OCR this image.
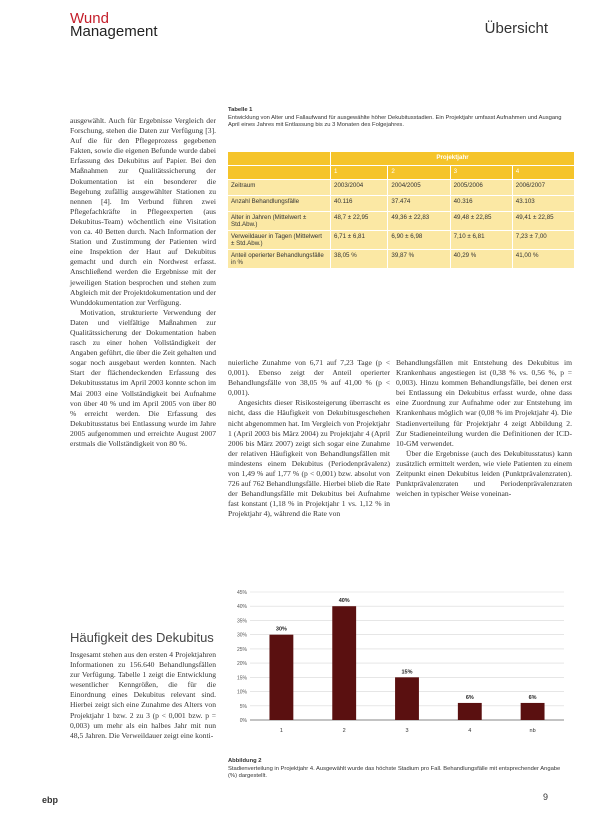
Wund
Management	Übersicht

ausgewählt. Auch für Ergebnisse Vergleich der Forschung, stehen die Daten zur Verfügung [3]. Auf die für den Pflegeprozess gegebenen Fakten, sowie die eigenen Befunde wurde dabei Erfassung des Dekubitus auf Papier. Bei den Maßnahmen zur Qualitätssicherung der Dokumentation ist ein besonderer die Begehung zufällig ausgewählter Stationen zu nennen [4]. Im Verbund führen zwei Pflegefachkräfte in Pflegeexperten (aus Dekubitus-Team) wöchentlich eine Visitation von ca. 40 Betten durch. Nach Information der Station und Zustimmung der Patienten wird eine Inspektion der Haut auf Dekubitus gemacht und durch ein Nordwest erfasst. Anschließend werden die Ergebnisse mit der jeweiligen Station besprochen und stehen zum Abgleich mit der Projektdokumentation und der Wunddokumentation zur Verfügung.

Motivation, strukturierte Verwendung der Daten und vielfältige Maßnahmen zur Qualitätssicherung der Dokumentation haben rasch zu einer hohen Vollständigkeit der Angaben geführt, die über die Zeit gehalten und sogar noch ausgebaut werden konnten. Nach Start der flächendeckenden Erfassung des Dekubitusstatus im April 2003 konnte schon im Mai 2003 eine Vollständigkeit bei Aufnahme von über 40 % und im April 2005 von über 80 % erreicht werden. Die Erfassung des Dekubitusstatus bei Entlassung wurde im Jahre 2005 aufgenommen und erreichte August 2007 erstmals die Vollständigkeit von 80 %.

Häufigkeit des Dekubitus

Insgesamt stehen aus den ersten 4 Projektjahren Informationen zu 156.640 Behandlungsfällen zur Verfügung. Tabelle 1 zeigt die Entwicklung wesentlicher Kenngrößen, die für die Einordnung eines Dekubitus relevant sind. Hierbei zeigt sich eine Zunahme des Alters von Projektjahr 1 bzw. 2 zu 3 (p < 0,001 bzw. p = 0,003) um mehr als ein halbes Jahr mit nun 48,5 Jahren. Die Verweildauer zeigt eine konti-

nuierliche Zunahme von 6,71 auf 7,23 Tage (p < 0,001). Ebenso zeigt der Anteil operierter Behandlungsfälle von 38,05 % auf 41,00 % (p < 0,001).

Angesichts dieser Risikosteigerung überrascht es nicht, dass die Häufigkeit von Dekubitusgeschehen nicht abgenommen hat. Im Vergleich von Projektjahr 1 (April 2003 bis März 2004) zu Projektjahr 4 (April 2006 bis März 2007) zeigt sich sogar eine Zunahme der relativen Häufigkeit von Behandlungsfällen mit mindestens einem Dekubitus (Periodenprävalenz) von 1,49 % auf 1,77 % (p < 0,001) bzw. absolut von 726 auf 762 Behandlungsfälle. Hierbei blieb die Rate der Behandlungsfälle mit Dekubitus bei Aufnahme fast konstant (1,18 % in Projektjahr 1 vs. 1,12 % in Projektjahr 4), während die Rate von

Behandlungsfällen mit Entstehung des Dekubitus im Krankenhaus angestiegen ist (0,38 % vs. 0,56 %, p = 0,003). Hinzu kommen Behandlungsfälle, bei denen erst bei Entlassung ein Dekubitus erfasst wurde, ohne dass eine Zuordnung zur Aufnahme oder zur Entstehung im Krankenhaus möglich war (0,08 % im Projektjahr 4). Die Stadienverteilung für Projektjahr 4 zeigt Abbildung 2. Zur Stadieneinteilung wurden die Definitionen der ICD-10-GM verwendet.

Über die Ergebnisse (auch des Dekubitusstatus) kann zusätzlich ermittelt werden, wie viele Patienten zu einem Zeitpunkt einen Dekubitus leiden (Punktprävalenzraten). Punktprävalenzraten und Periodenprävalenzraten weichen in typischer Weise voneinan-

Tabelle 1
Entwicklung von Alter und Fallaufwand für ausgewählte höher Dekubitusstadien. Ein Projektjahr umfasst Aufnahmen und Ausgang April eines Jahres mit Entlassung bis zu 3 Monaten des Folgejahres.
	Projektjahr			
	1	2	3	4
Zeitraum	2003/2004	2004/2005	2005/2006	2006/2007
Anzahl Behandlungsfälle	40.116	37.474	40.316	43.103
Alter in Jahren (Mittelwert ± Std.Abw.)	48,7 ± 22,95	49,36 ± 22,83	49,48 ± 22,85	49,41 ± 22,85
Verweildauer in Tagen (Mittelwert ± Std.Abw.)	6,71 ± 6,81	6,90 ± 6,98	7,10 ± 6,81	7,23 ± 7,00
Anteil operierter Behandlungsfälle in %	38,05 %	39,87 %	40,29 %	41,00 %
0%
5%
10%
15%
20%
25%
30%
35%
40%
45%
30%
1
40%
2
15%
3
6%
4
6%
nb
Abbildung 2
Stadienverteilung in Projektjahr 4. Ausgewählt wurde das höchste Stadium pro Fall. Behandlungsfälle mit entsprechender Angabe (%) dargestellt.
ebp	9
